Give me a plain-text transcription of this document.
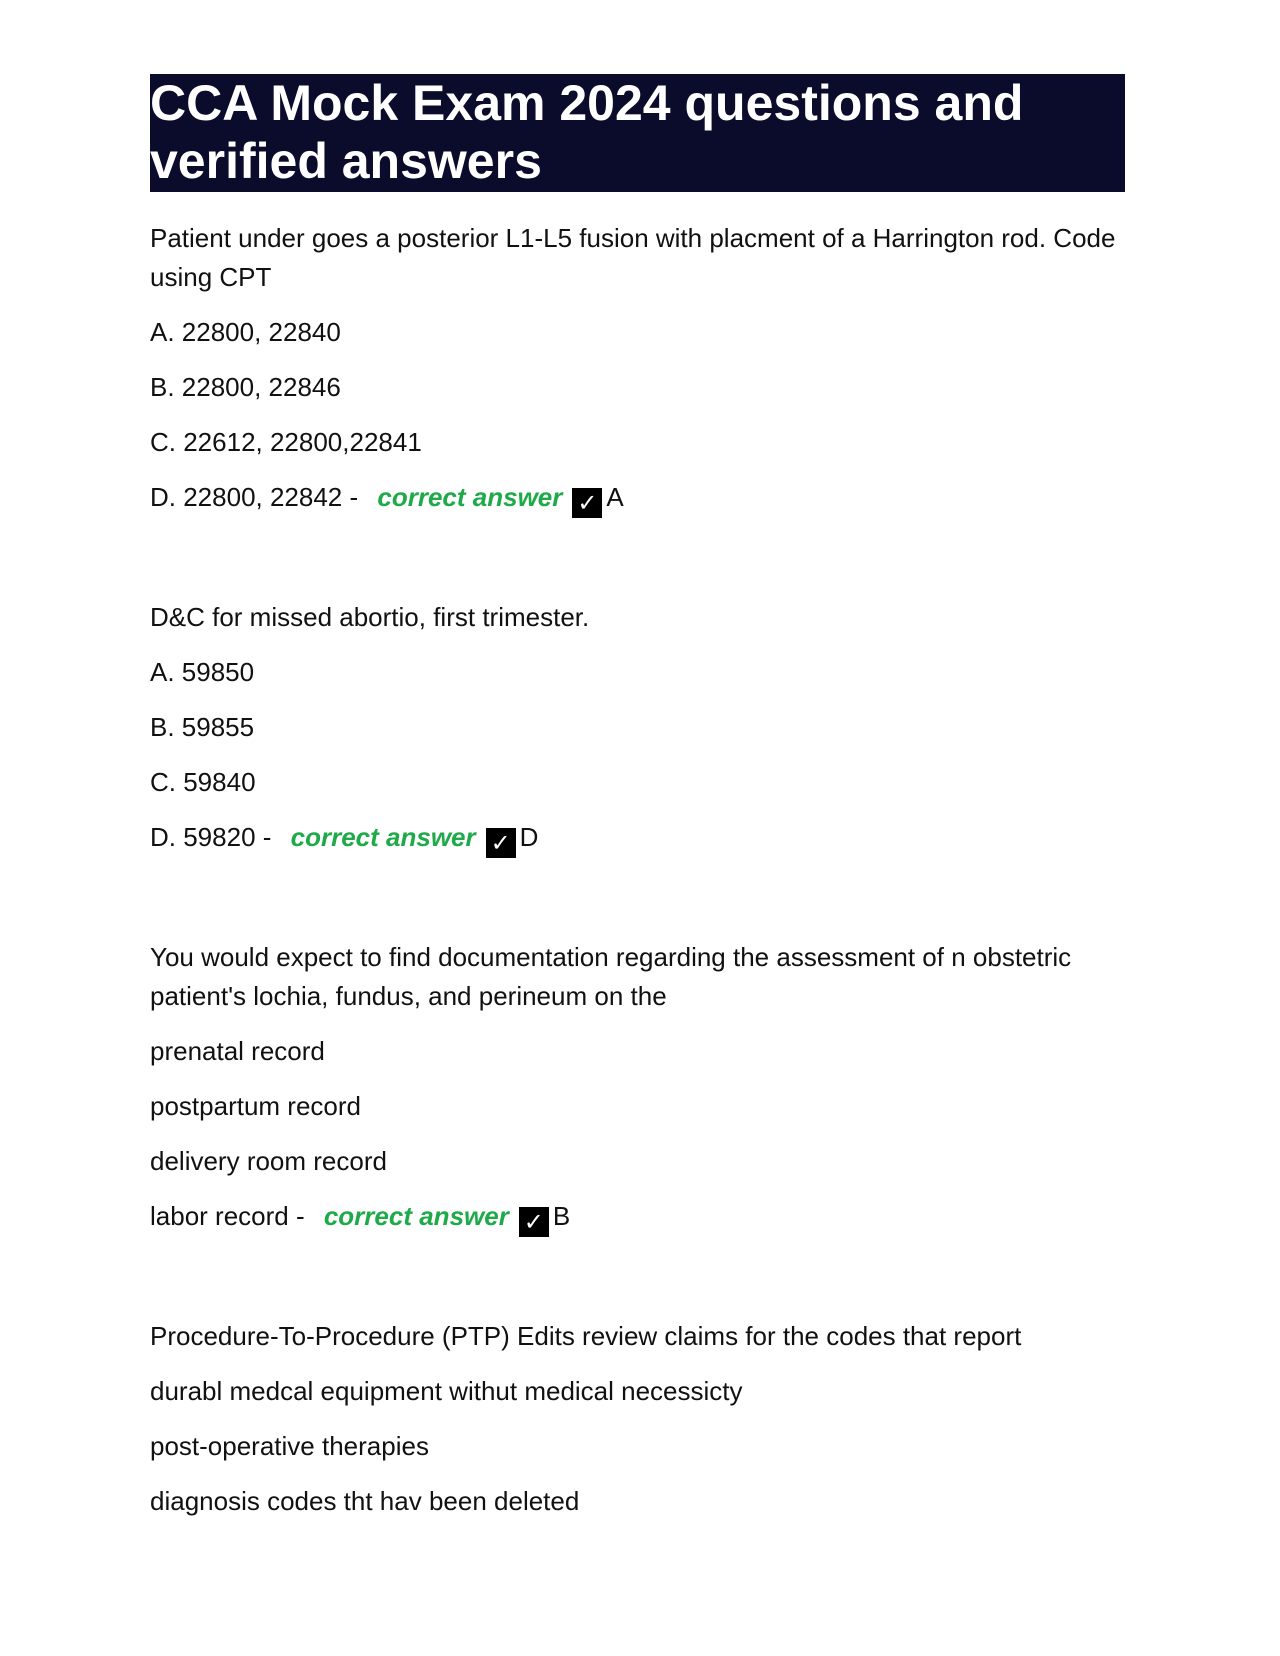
CCA Mock Exam 2024 questions and verified answers

Patient under goes a posterior L1-L5 fusion with placment of a Harrington rod. Code using CPT

A. 22800, 22840
B. 22800, 22846
C. 22612, 22800,22841
D. 22800, 22842 - correct answer ✓ A

D&C for missed abortio, first trimester.

A. 59850
B. 59855
C. 59840
D. 59820 - correct answer ✓ D

You would expect to find documentation regarding the assessment of n obstetric patient's lochia, fundus, and perineum on the

prenatal record
postpartum record
delivery room record
labor record - correct answer ✓ B

Procedure-To-Procedure (PTP) Edits review claims for the codes that report

durabl medcal equipment withut medical necessicty
post-operative therapies
diagnosis codes tht hav been deleted
